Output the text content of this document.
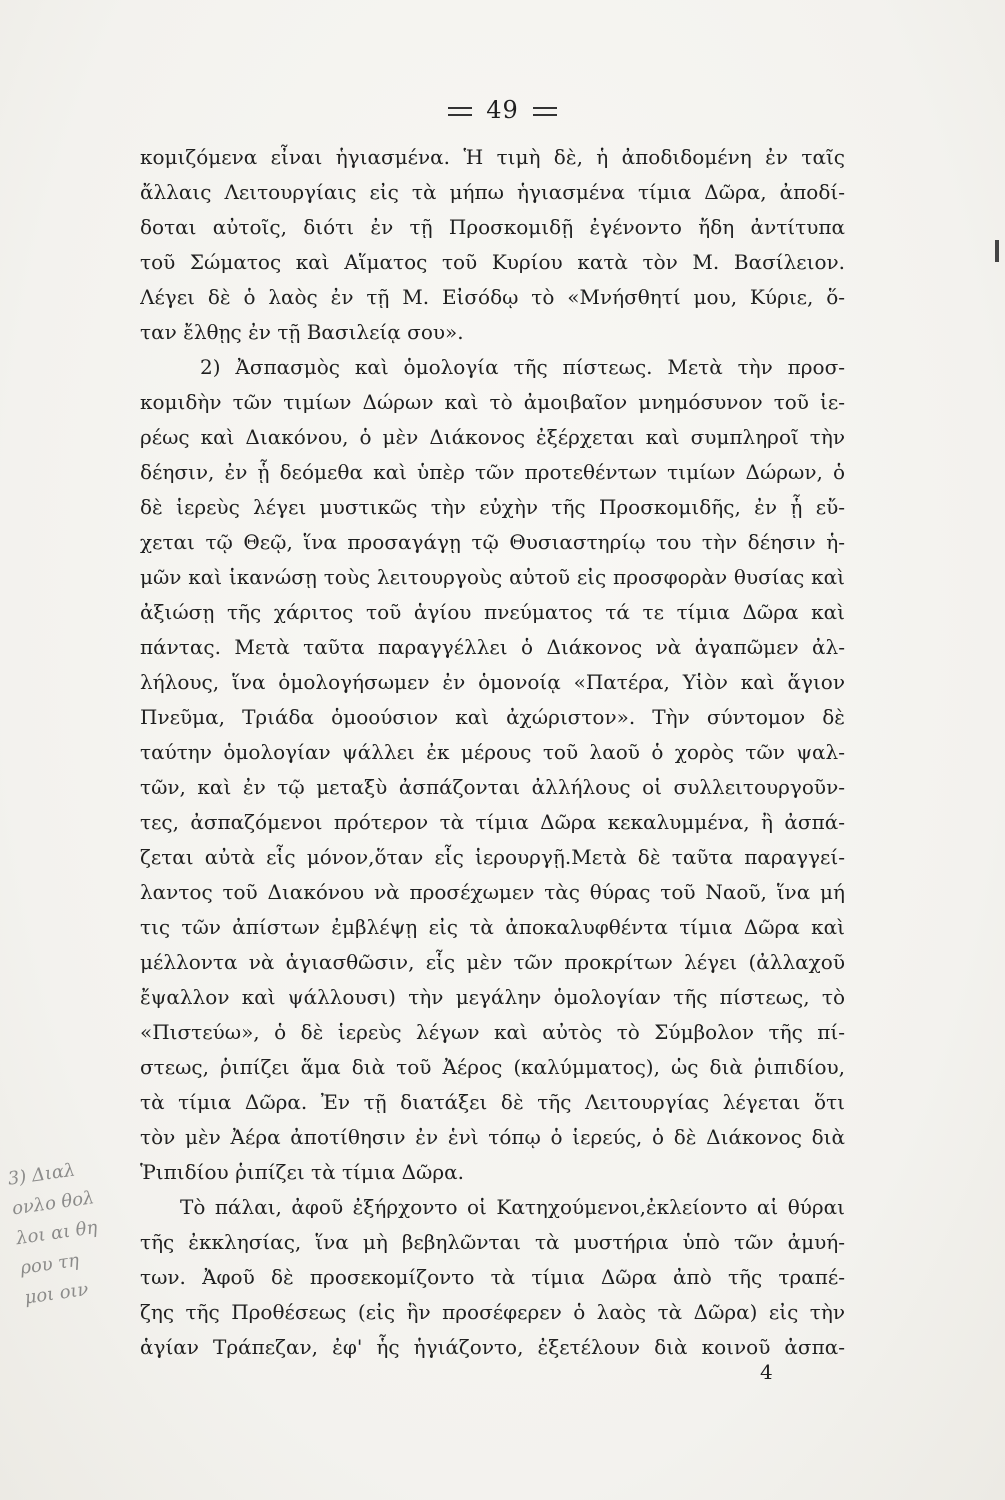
49
κομιζόμενα εἶναι ἡγιασμένα. Ἡ τιμὴ δὲ, ἡ ἀποδιδομένη ἐν ταῖς
ἄλλαις Λειτουργίαις εἰς τὰ μήπω ἡγιασμένα τίμια Δῶρα, ἀποδί-
δοται αὐτοῖς, διότι ἐν τῇ Προσκομιδῇ ἐγένοντο ἤδη ἀντίτυπα
τοῦ Σώματος καὶ Αἵματος τοῦ Κυρίου κατὰ τὸν Μ. Βασίλειον.
Λέγει δὲ ὁ λαὸς ἐν τῇ Μ. Εἰσόδῳ τὸ «Μνήσθητί μου, Κύριε, ὅ-
ταν ἔλθῃς ἐν τῇ Βασιλείᾳ σου».
2) Ἀσπασμὸς καὶ ὁμολογία τῆς πίστεως. Μετὰ τὴν προσ-
κομιδὴν τῶν τιμίων Δώρων καὶ τὸ ἀμοιβαῖον μνημόσυνον τοῦ ἱε-
ρέως καὶ Διακόνου, ὁ μὲν Διάκονος ἐξέρχεται καὶ συμπληροῖ τὴν
δέησιν, ἐν ᾗ δεόμεθα καὶ ὑπὲρ τῶν προτεθέντων τιμίων Δώρων, ὁ
δὲ ἱερεὺς λέγει μυστικῶς τὴν εὐχὴν τῆς Προσκομιδῆς, ἐν ᾗ εὔ-
χεται τῷ Θεῷ, ἵνα προσαγάγῃ τῷ Θυσιαστηρίῳ του τὴν δέησιν ἡ-
μῶν καὶ ἱκανώσῃ τοὺς λειτουργοὺς αὐτοῦ εἰς προσφορὰν θυσίας καὶ
ἀξιώσῃ τῆς χάριτος τοῦ ἁγίου πνεύματος τά τε τίμια Δῶρα καὶ
πάντας. Μετὰ ταῦτα παραγγέλλει ὁ Διάκονος νὰ ἀγαπῶμεν ἀλ-
λήλους, ἵνα ὁμολογήσωμεν ἐν ὁμονοίᾳ «Πατέρα, Υἱὸν καὶ ἅγιον
Πνεῦμα, Τριάδα ὁμοούσιον καὶ ἀχώριστον». Τὴν σύντομον δὲ
ταύτην ὁμολογίαν ψάλλει ἐκ μέρους τοῦ λαοῦ ὁ χορὸς τῶν ψαλ-
τῶν, καὶ ἐν τῷ μεταξὺ ἀσπάζονται ἀλλήλους οἱ συλλειτουργοῦν-
τες, ἀσπαζόμενοι πρότερον τὰ τίμια Δῶρα κεκαλυμμένα, ἢ ἀσπά-
ζεται αὐτὰ εἷς μόνον,ὅταν εἷς ἱερουργῇ.Μετὰ δὲ ταῦτα παραγγεί-
λαντος τοῦ Διακόνου νὰ προσέχωμεν τὰς θύρας τοῦ Ναοῦ, ἵνα μή
τις τῶν ἀπίστων ἐμβλέψῃ εἰς τὰ ἀποκαλυφθέντα τίμια Δῶρα καὶ
μέλλοντα νὰ ἁγιασθῶσιν, εἷς μὲν τῶν προκρίτων λέγει (ἀλλαχοῦ
ἔψαλλον καὶ ψάλλουσι) τὴν μεγάλην ὁμολογίαν τῆς πίστεως, τὸ
«Πιστεύω», ὁ δὲ ἱερεὺς λέγων καὶ αὐτὸς τὸ Σύμβολον τῆς πί-
στεως, ῥιπίζει ἅμα διὰ τοῦ Ἀέρος (καλύμματος), ὡς διὰ ῥιπιδίου,
τὰ τίμια Δῶρα. Ἐν τῇ διατάξει δὲ τῆς Λειτουργίας λέγεται ὅτι
τὸν μὲν Ἀέρα ἀποτίθησιν ἐν ἑνὶ τόπῳ ὁ ἱερεύς, ὁ δὲ Διάκονος διὰ
Ῥιπιδίου ῥιπίζει τὰ τίμια Δῶρα.
Τὸ πάλαι, ἀφοῦ ἐξήρχοντο οἱ Κατηχούμενοι,ἐκλείοντο αἱ θύραι
τῆς ἐκκλησίας, ἵνα μὴ βεβηλῶνται τὰ μυστήρια ὑπὸ τῶν ἀμυή-
των. Ἀφοῦ δὲ προσεκομίζοντο τὰ τίμια Δῶρα ἀπὸ τῆς τραπέ-
ζης τῆς Προθέσεως (εἰς ἣν προσέφερεν ὁ λαὸς τὰ Δῶρα) εἰς τὴν
ἁγίαν Τράπεζαν, ἐφ' ἧς ἡγιάζοντο, ἐξετέλουν διὰ κοινοῦ ἀσπα-
3) Διαλ
ονλο θολ
λοι αι θη
ρου τη
μοι οιν
4
